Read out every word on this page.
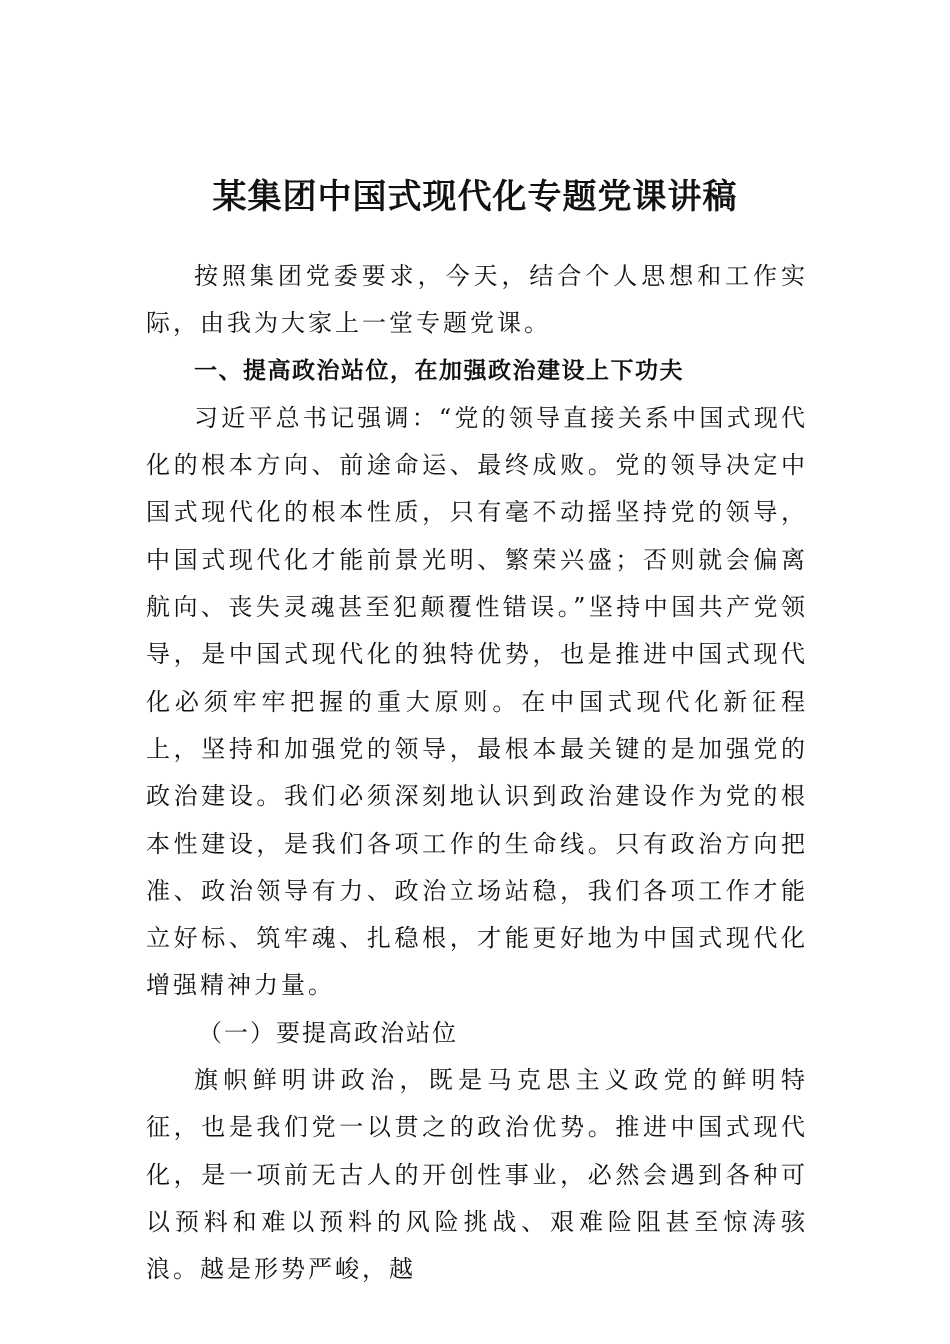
某集团中国式现代化专题党课讲稿

按照集团党委要求，今天，结合个人思想和工作实际，由我为大家上一堂专题党课。

一、提高政治站位，在加强政治建设上下功夫

习近平总书记强调：“党的领导直接关系中国式现代化的根本方向、前途命运、最终成败。党的领导决定中国式现代化的根本性质，只有毫不动摇坚持党的领导，中国式现代化才能前景光明、繁荣兴盛；否则就会偏离航向、丧失灵魂甚至犯颠覆性错误。”坚持中国共产党领导，是中国式现代化的独特优势，也是推进中国式现代化必须牢牢把握的重大原则。在中国式现代化新征程上，坚持和加强党的领导，最根本最关键的是加强党的政治建设。我们必须深刻地认识到政治建设作为党的根本性建设，是我们各项工作的生命线。只有政治方向把准、政治领导有力、政治立场站稳，我们各项工作才能立好标、筑牢魂、扎稳根，才能更好地为中国式现代化增强精神力量。

（一）要提高政治站位

旗帜鲜明讲政治，既是马克思主义政党的鲜明特征，也是我们党一以贯之的政治优势。推进中国式现代化，是一项前无古人的开创性事业，必然会遇到各种可以预料和难以预料的风险挑战、艰难险阻甚至惊涛骇浪。越是形势严峻，越
